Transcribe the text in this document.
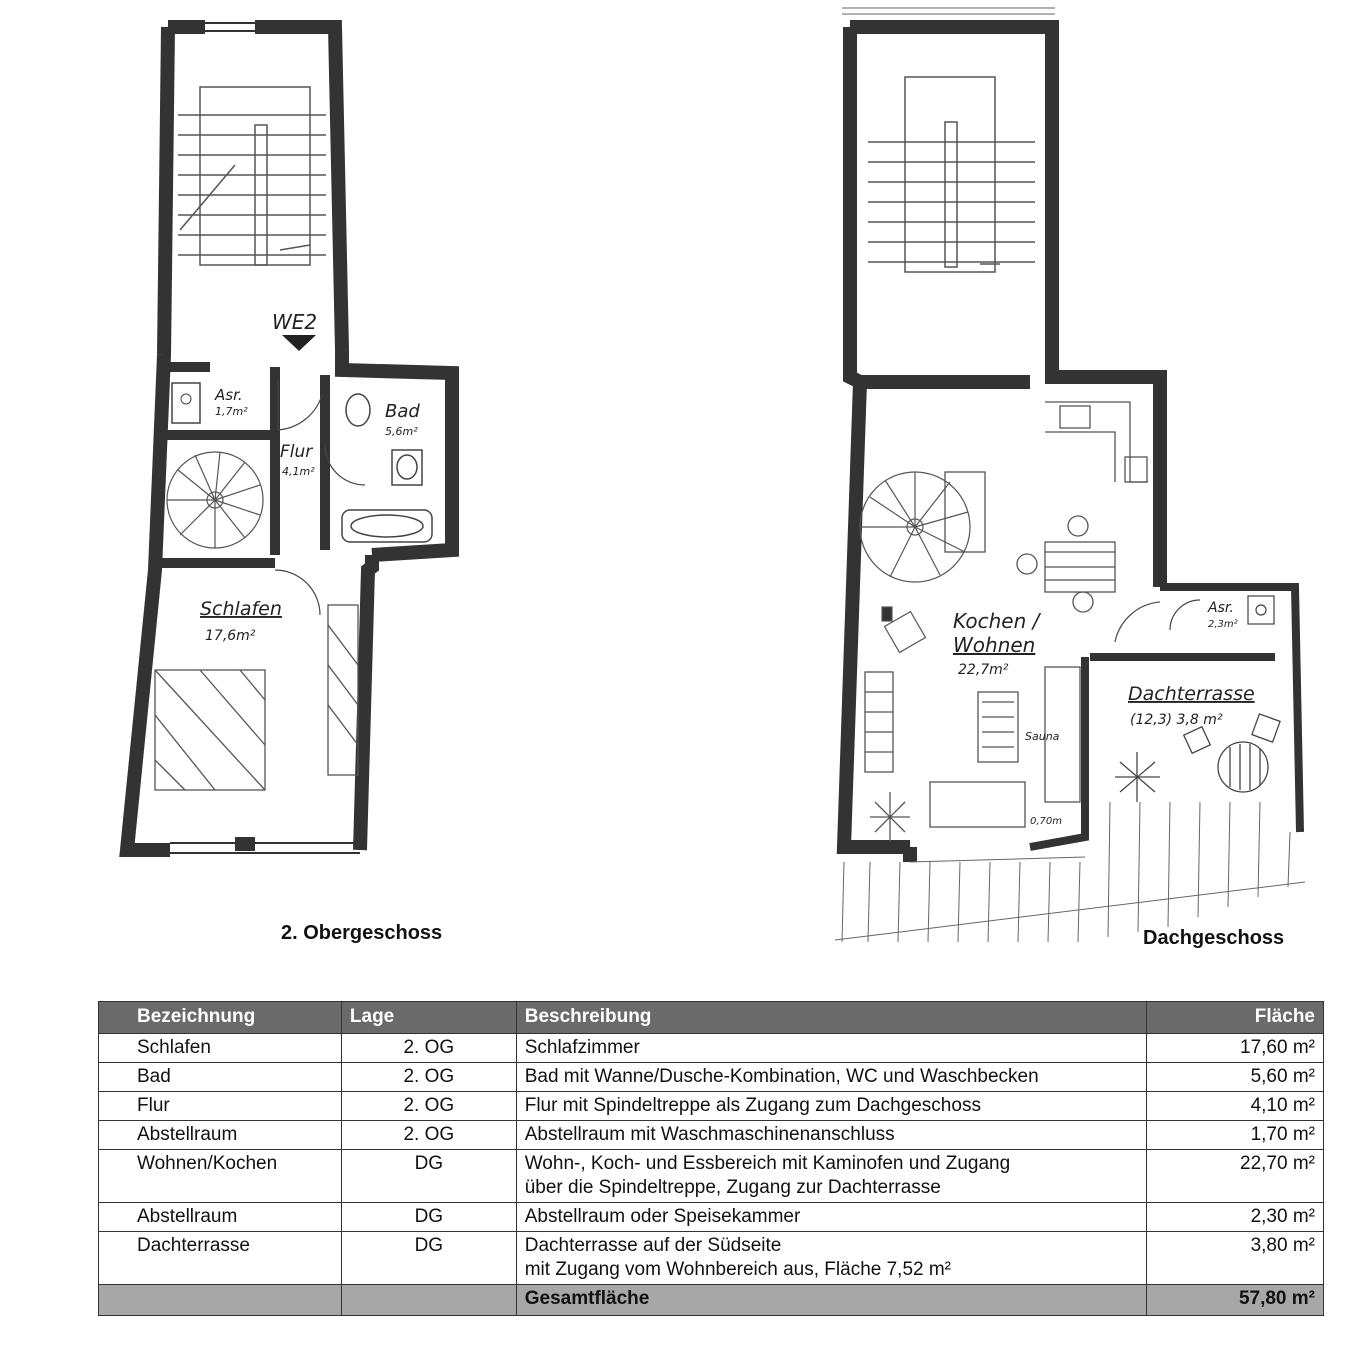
WE2
Asr.
1,7m²
Flur
4,1m²
Bad
5,6m²
Schlafen
17,6m²
2. Obergeschoss
Kochen /
Wohnen
22,7m²
Sauna
0,70m
Asr.
2,3m²
Dachterrasse
(12,3) 3,8 m²
Dachgeschoss
Bezeichnung	Lage	Beschreibung	Fläche
Schlafen	2. OG	Schlafzimmer	17,60 m²
Bad	2. OG	Bad mit Wanne/Dusche-Kombination, WC und Waschbecken	5,60 m²
Flur	2. OG	Flur mit Spindeltreppe als Zugang zum Dachgeschoss	4,10 m²
Abstellraum	2. OG	Abstellraum mit Waschmaschinenanschluss	1,70 m²
Wohnen/Kochen	DG	Wohn-, Koch- und Essbereich mit Kaminofen und Zugang
über die Spindeltreppe, Zugang zur Dachterrasse	22,70 m²
Abstellraum	DG	Abstellraum oder Speisekammer	2,30 m²
Dachterrasse	DG	Dachterrasse auf der Südseite
mit Zugang vom Wohnbereich aus, Fläche 7,52 m²	3,80 m²
		Gesamtfläche	57,80 m²
